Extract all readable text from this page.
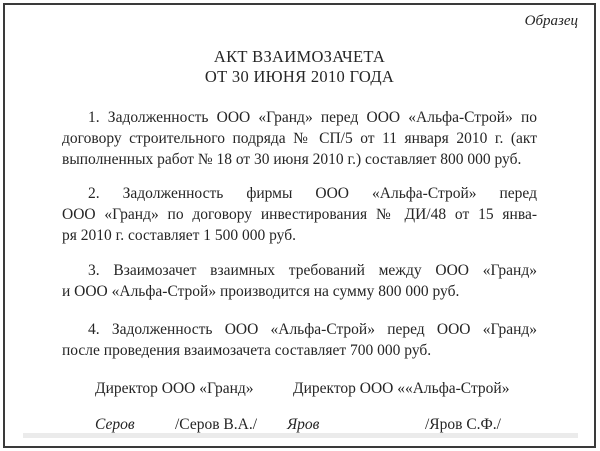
Образец
АКТ ВЗАИМОЗАЧЕТА
ОТ 30 ИЮНЯ 2010 ГОДА
1. Задолженность ООО «Гранд» перед ООО «Альфа-Строй» по
договору строительного подряда № СП/5 от 11 января 2010 г. (акт
выполненных работ № 18 от 30 июня 2010 г.) составляет 800 000 руб.
2. Задолженность фирмы ООО «Альфа-Строй» перед
ООО «Гранд» по договору инвестирования № ДИ/48 от 15 янва-
ря 2010 г. составляет 1 500 000 руб.
3. Взаимозачет взаимных требований между ООО «Гранд»
и ООО «Альфа-Строй» производится на сумму 800 000 руб.
4. Задолженность ООО «Альфа-Строй» перед ООО «Гранд»
после проведения взаимозачета составляет 700 000 руб.
Директор ООО «Гранд»	Директор ООО ««Альфа-Строй»
Серов	/Серов В.А./ Яров	/Яров С.Ф./
